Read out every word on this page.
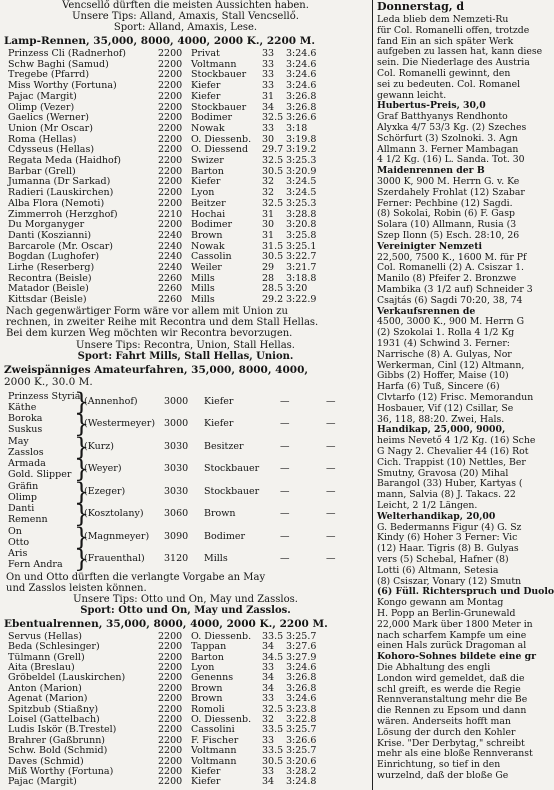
Vencsellő dürften die meisten Aussichten haben.
Unsere Tips: Alland, Amaxis, Stall Vencsellő.
Sport: Alland, Amaxis, Lese.
Lamp-Rennen, 35,000, 8000, 4000, 2000 K., 2200 M.
Prinzess Cli (Radnerhof)	2200 Privat	33	3:24.6
Schw Baghi (Samud)	2200 Voltmann	33	3:24.6
Tregebe (Pfarrd)	2200 Stockbauer	33	3:24.6
Miss Worthy (Fortuna)	2200 Kiefer	33	3:24.6
Pajac (Margit)	2200 Kiefer	31	3:26.8
Olimp (Vezer)	2200 Stockbauer	34	3:26.8
Gaelics (Werner)	2200 Bodimer	32.5 3:26.6
Union (Mr Oscar)	2200 Nowak	33	3:18
Roma (Hellas)	2200 O. Diessenb.	30	3:19.8
Cdysseus (Hellas)	2200 O. Diessend	29.7 3:19.2
Regata Meda (Haidhof)	2200 Swizer	32.5 3:25.3
Barbar (Grell)	2200 Barton	30.5 3:20.9
Jumanna (Dr Sarkad)	2200 Kiefer	32	3:24.5
Radieri (Lauskirchen)	2200 Lyon	32	3:24.5
Alba Flora (Nemoti)	2200 Beitzer	32.5 3:25.3
Zimmerroh (Herzghof)	2210 Hochai	31	3:28.8
Du Morganyger	2200 Bodimer	30	3:20.8
Danti (Koszianni)	2240 Brown	31	3:25.8
Barcarole (Mr. Oscar)	2240 Nowak	31.5 3:25.1
Bogdan (Lughofer)	2240 Cassolin	30.5 3:22.7
Lirhe (Reserberg)	2240 Weiler	29	3:21.7
Recontra (Beisle)	2260 Mills	28	3:18.8
Matador (Beisle)	2260 Mills	28.5 3:20
Kittsdar (Beisle)	2260 Mills	29.2 3:22.9
Nach gegenwärtiger Form wäre vor allem mit Union zu
rechnen, in zweiter Reihe mit Recontra und dem Stall Hellas.
Bei dem kurzen Weg möchten wir Recontra bevorzugen.
Unsere Tips: Recontra, Union, Stall Hellas.
Sport: Fahrt Mills, Stall Hellas, Union.
Zweispänniges Amateurfahren, 35,000, 8000, 4000,
2000 K., 30.0 M.
Prinzess Styria
Käthe }
(Annenhof)	3000 Kiefer	—	—
Boroka
Suskus }
(Westermeyer) 3000 Kiefer	—	—
May
Zasslos }
(Kurz)	3030 Besitzer	—	—
Armada
Gold. Slipper }
(Weyer)	3030 Stockbauer —	—
Gräfin
Olimp }
(Ezeger)	3030 Stockbauer —	—
Danti
Remenn }
(Kosztolany) 3060 Brown	—	—
On
Otto }
(Magnmeyer) 3090 Bodimer	—	—
Aris
Fern Andra }
(Frauenthal) 3120 Mills	—	—
On und Otto dürften die verlangte Vorgabe an May
und Zasslos leisten können.
Unsere Tips: Otto und On, May und Zasslos.
Sport: Otto und On, May und Zasslos.
Ebentualrennen, 35,000, 8000, 4000, 2000 K., 2200 M.
Servus (Hellas)	2200 O. Diessenb.	33.5 3:25.7
Beda (Schlesinger)	2200 Tappan	34	3:27.6
Tülmann (Grell)	2200 Barton	34.5 3:27.9
Aita (Breslau)	2200 Lyon	33	3:24.6
Gröbeldel (Lauskirchen)	2200 Genenns	34	3:26.8
Anton (Marion)	2200 Brown	34	3:26.8
Agenat (Marion)	2200 Brown	33	3:24.6
Spitzbub (Stiaßny)	2200 Romoli	32.5 3:23.8
Loisel (Gattelbach)	2200 O. Diessenb.	32	3:22.8
Ludis Iskör (B.Trestel)	2200 Cassolini	33.5 3:25.7
Brahrer (Gaßbrunn)	2200 F. Fischer	33	3:26.6
Schw. Bold (Schmid)	2200 Voltmann	33.5 3:25.7
Daves (Schmid)	2200 Voltmann	30.5 3:20.6
Miß Worthy (Fortuna)	2200 Kiefer	33	3:28.2
Pajac (Margit)	2200 Kiefer	34	3:24.8
Donnerstag, d
Leda blieb dem Nemzeti-Ru
für Col. Romanelli offen, trotzde
fand Ein an sich später Werk
aufgeben zu lassen hat, kann diese
sein. Die Niederlage des Austria
Col. Romanelli gewinnt, den
sei zu bedeuten. Col. Romanel
gewann leicht.
Hubertus-Preis, 30,0
Graf Batthyanys Rendhonto
Alyxka 4/7 53/3 Kg. (2) Szeches
Schörfurt (3) Szolnoki. 3. Agn
Allmann 3. Ferner Mambagan
4 1/2 Kg. (16) L. Sanda. Tot. 30
Maidenrennen der B
3000 K, 900 M. Herrn G. v. Ke
Szerdahely Frohlat (12) Szabar
Ferner: Pechbine (12) Sagdi.
(8) Sokolai, Robin (6) F. Gasp
Solara (10) Allmann, Rusia (3
Szep Ilonn (5) Esch. 28:10, 26
Vereinigter Nemzeti
22,500, 7500 K., 1600 M. für Pf
Col. Romanelli (2) A. Csiszar 1.
Manilo (8) Pfeifer 2. Bronzwe
Mambika (3 1/2 auf) Schneider 3
Csajtás (6) Sagdi 70:20, 38, 74
Verkaufsrennen de
4500, 3000 K., 900 M. Herrn G
(2) Szokolai 1. Rolla 4 1/2 Kg
1931 (4) Schwind 3. Ferner:
Narrische (8) A. Gulyas, Nor
Werkerman, Cinl (12) Altmann,
Gibbs (2) Hoffer, Maise (10)
Harfa (6) Tuß, Sincere (6)
Clvtarfo (12) Frisc. Memorandun
Hosbauer, Vif (12) Csillar, Se
36, 118, 88:20. Zwei, Hals.
Handikap, 25,000, 9000,
heims Nevető 4 1/2 Kg. (16) Sche
G Nagy 2. Chevalier 44 (16) Rot
Cich. Trappist (10) Nettles, Ber
Smutny, Gravosa (20) Mihal
Barangol (33) Huber, Kartyas (
mann, Salvia (8) J. Takacs. 22
Leicht, 2 1/2 Längen.
Welterhandikap, 20,00
G. Bedermanns Figur (4) G. Sz
Kindy (6) Hoher 3 Ferner: Vic
(12) Haar. Tigris (8) B. Gulyas
vers (5) Schebal, Hafner (8)
Lotti (6) Altmann, Setesia
(8) Csiszar, Vonary (12) Smutn
(6) Füll. Richterspruch und Duolo
Kongo gewann am Montag
H. Popp an Berlin-Grunewald
22,000 Mark über 1800 Meter in
nach scharfem Kampfe um eine
einen Hals zurück Dragoman al
Kohoro-Sohnes bildete eine gr
Die Abhaltung des engli
London wird gemeldet, daß die
schl greift, es werde die Regie
Rennveranstaltung mehr die Be
die Rennen zu Epsom und dann
wären. Anderseits hofft man
Lösung der durch den Kohler
Krise. "Der Derbytag," schreibt
mehr als eine bloße Rennveranst
Einrichtung, so tief in den
wurzelnd, daß der bloße Ge
